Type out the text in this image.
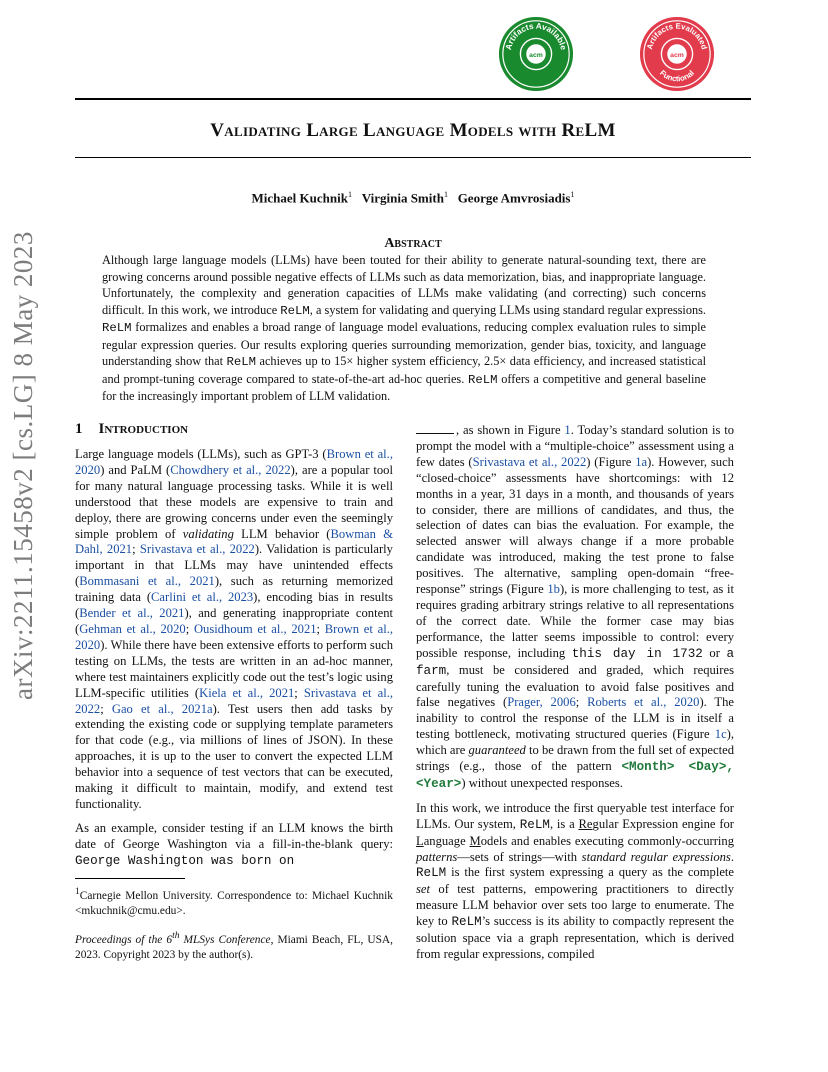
arXiv:2211.15458v2 [cs.LG] 8 May 2023
acm
Artifacts Available
acm
Artifacts Evaluated
Functional
Validating Large Language Models with ReLM
Michael Kuchnik$^1$ Virginia Smith$^1$ George Amvrosiadis$^1$
Abstract
Although large language models (LLMs) have been touted for their ability to generate natural-sounding text, there are growing concerns around possible negative effects of LLMs such as data memorization, bias, and inappropriate language. Unfortunately, the complexity and generation capacities of LLMs make validating (and correcting) such concerns difficult. In this work, we introduce ReLM, a system for validating and querying LLMs using standard regular expressions. ReLM formalizes and enables a broad range of language model evaluations, reducing complex evaluation rules to simple regular expression queries. Our results exploring queries surrounding memorization, gender bias, toxicity, and language understanding show that ReLM achieves up to 15× higher system efficiency, 2.5× data efficiency, and increased statistical and prompt-tuning coverage compared to state-of-the-art ad-hoc queries. ReLM offers a competitive and general baseline for the increasingly important problem of LLM validation.
1 Introduction

Large language models (LLMs), such as GPT-3 (Brown et al., 2020) and PaLM (Chowdhery et al., 2022), are a popular tool for many natural language processing tasks. While it is well understood that these models are expensive to train and deploy, there are growing concerns under even the seemingly simple problem of validating LLM behavior (Bowman & Dahl, 2021; Srivastava et al., 2022). Validation is particularly important in that LLMs may have unintended effects (Bommasani et al., 2021), such as returning memorized training data (Carlini et al., 2023), encoding bias in results (Bender et al., 2021), and generating inappropriate content (Gehman et al., 2020; Ousidhoum et al., 2021; Brown et al., 2020). While there have been extensive efforts to perform such testing on LLMs, the tests are written in an ad-hoc manner, where test maintainers explicitly code out the test’s logic using LLM-specific utilities (Kiela et al., 2021; Srivastava et al., 2022; Gao et al., 2021a). Test users then add tasks by extending the existing code or supplying template parameters for that code (e.g., via millions of lines of JSON). In these approaches, it is up to the user to convert the expected LLM behavior into a sequence of test vectors that can be executed, making it difficult to maintain, modify, and extend test functionality.

As an example, consider testing if an LLM knows the birth date of George Washington via a fill-in-the-blank query: George Washington was born on

$^1$Carnegie Mellon University. Correspondence to: Michael Kuchnik <mkuchnik@cmu.edu>.
Proceedings of the 6th MLSys Conference, Miami Beach, FL, USA, 2023. Copyright 2023 by the author(s).

, as shown in Figure 1. Today’s standard solution is to prompt the model with a “multiple-choice” assessment using a few dates (Srivastava et al., 2022) (Figure 1a). However, such “closed-choice” assessments have shortcomings: with 12 months in a year, 31 days in a month, and thousands of years to consider, there are millions of candidates, and thus, the selection of dates can bias the evaluation. For example, the selected answer will always change if a more probable candidate was introduced, making the test prone to false positives. The alternative, sampling open-domain “free-response” strings (Figure 1b), is more challenging to test, as it requires grading arbitrary strings relative to all representations of the correct date. While the former case may bias performance, the latter seems impossible to control: every possible response, including this day in 1732 or a farm, must be considered and graded, which requires carefully tuning the evaluation to avoid false positives and false negatives (Prager, 2006; Roberts et al., 2020). The inability to control the response of the LLM is in itself a testing bottleneck, motivating structured queries (Figure 1c), which are guaranteed to be drawn from the full set of expected strings (e.g., those of the pattern <Month> <Day>, <Year>) without unexpected responses.

In this work, we introduce the first queryable test interface for LLMs. Our system, ReLM, is a Regular Expression engine for Language Models and enables executing commonly-occurring patterns—sets of strings—with standard regular expressions. ReLM is the first system expressing a query as the complete set of test patterns, empowering practitioners to directly measure LLM behavior over sets too large to enumerate. The key to ReLM’s success is its ability to compactly represent the solution space via a graph representation, which is derived from regular expressions, compiled
